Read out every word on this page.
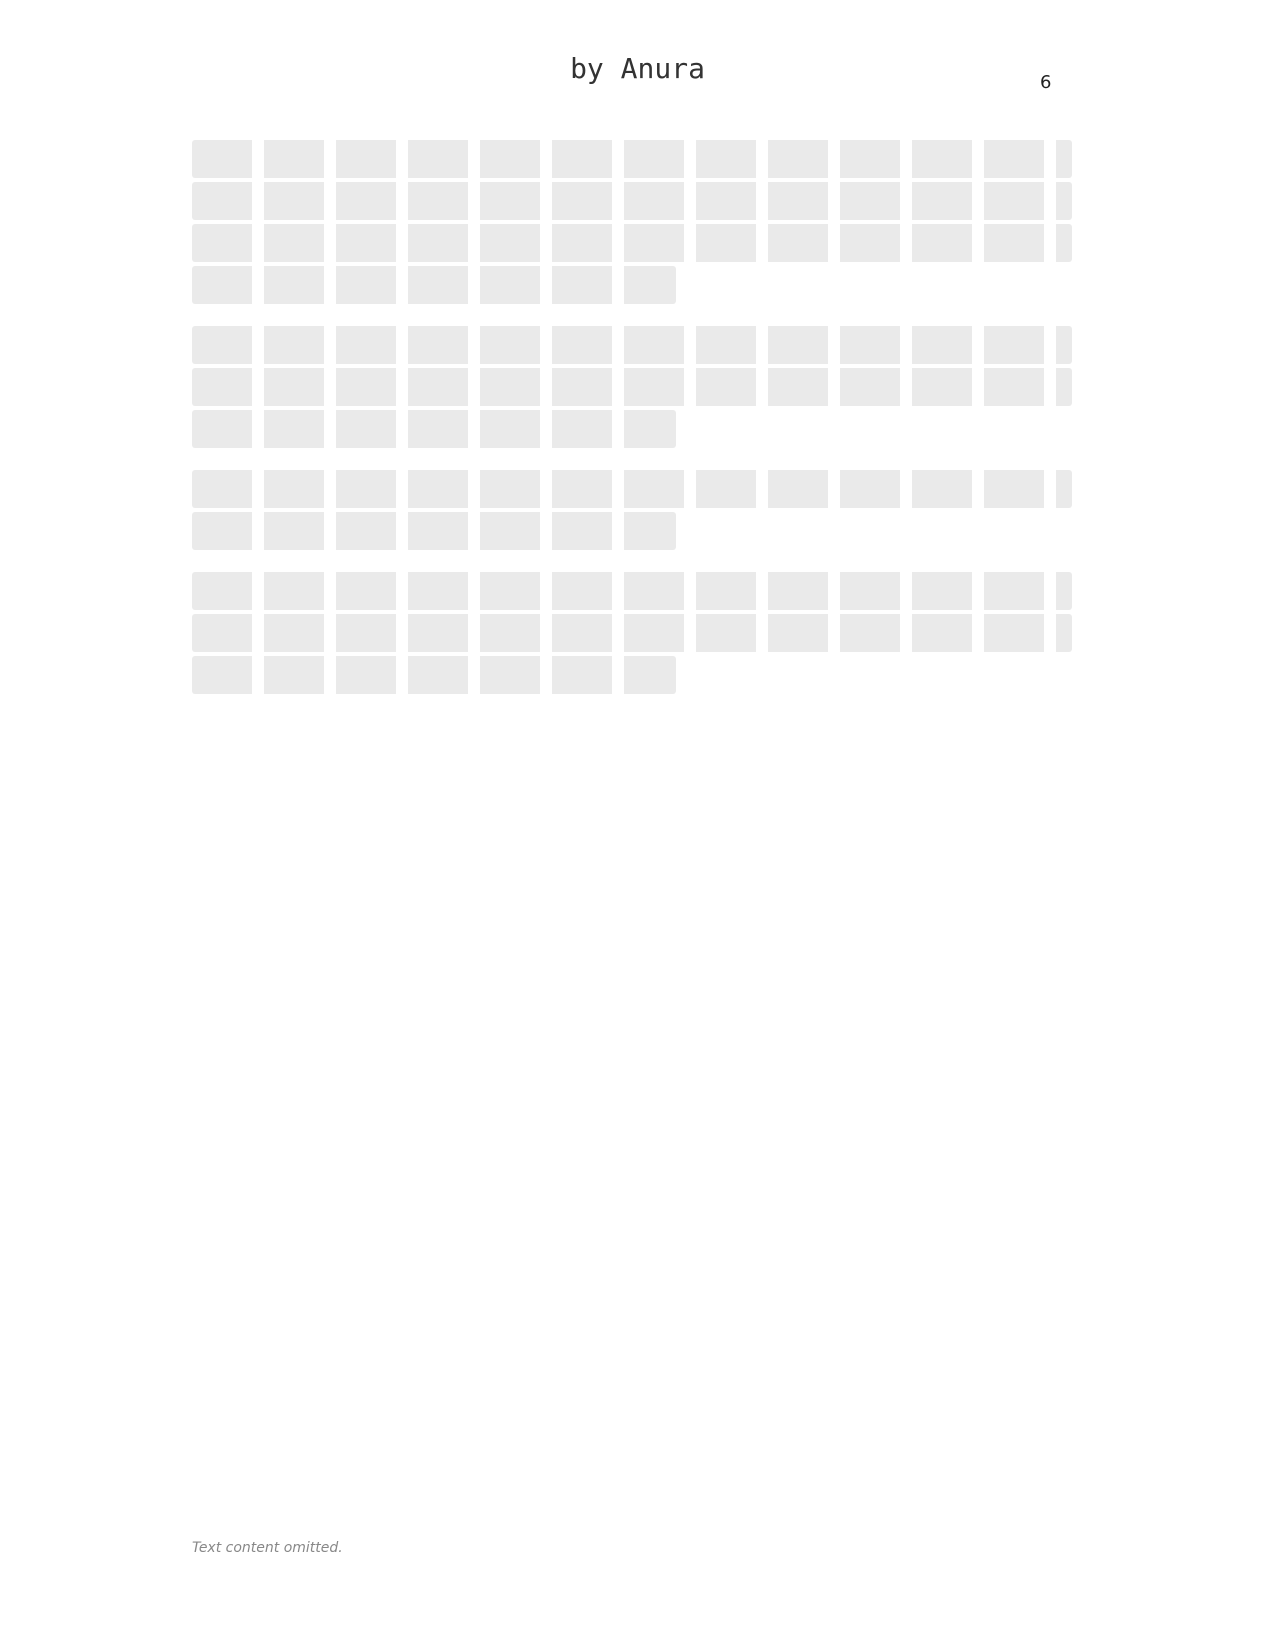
by Anura	6
Text content omitted.
